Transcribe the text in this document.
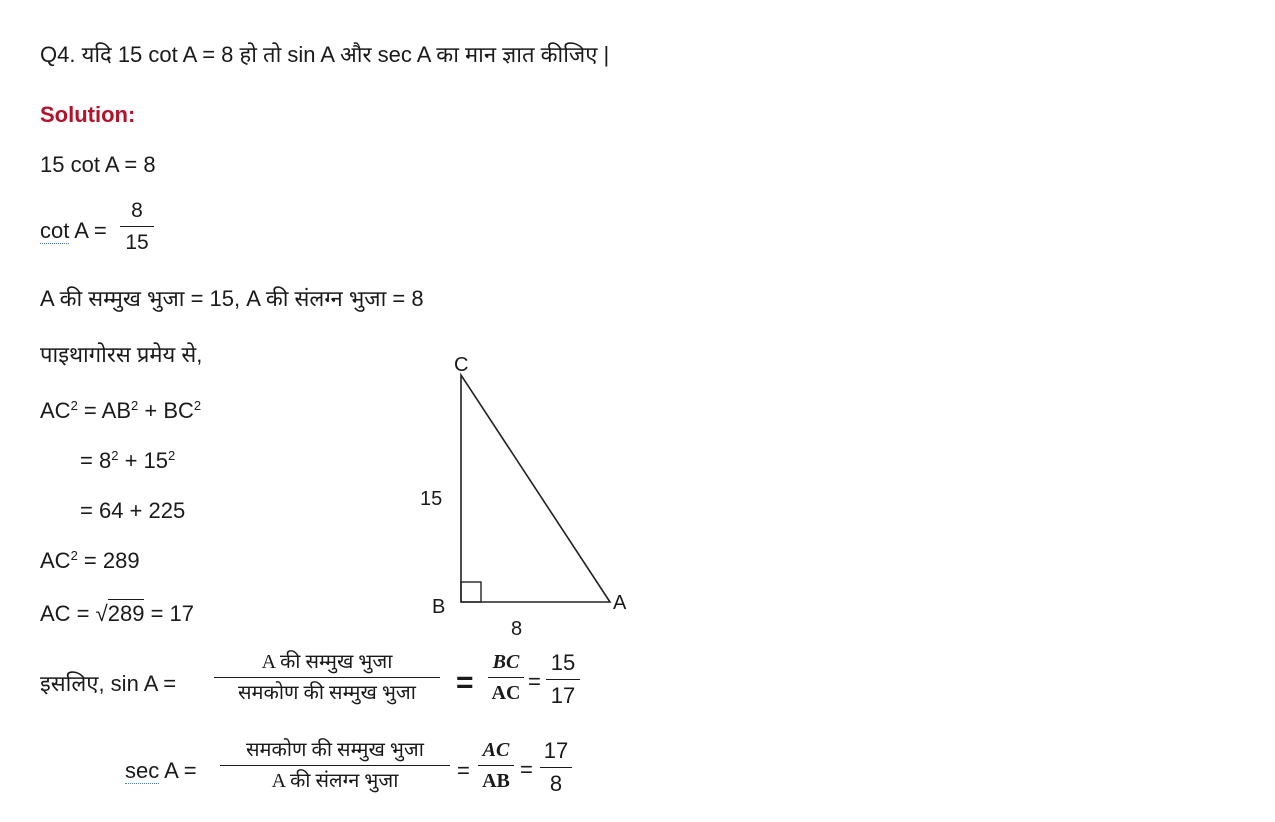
Q4. यदि 15 cot A = 8 हो तो sin A और sec A का मान ज्ञात कीजिए |
Solution:
15 cot A = 8
cot A =
8
15
A की सम्मुख भुजा = 15, A की संलग्न भुजा = 8
पाइथागोरस प्रमेय से,
$AC^2 = AB^2 + BC^2$
= $8^2 + 15^2$
= 64 + 225
$AC^2 = 289$
AC = √289 = 17
इसलिए, sin A =
A की सम्मुख भुजा
समकोण की सम्मुख भुजा	=
BC
AC =
15
17
sec A =
समकोण की सम्मुख भुजा
A की संलग्न भुजा	=
AC
AB =
17
8
C
B	A
15
8
